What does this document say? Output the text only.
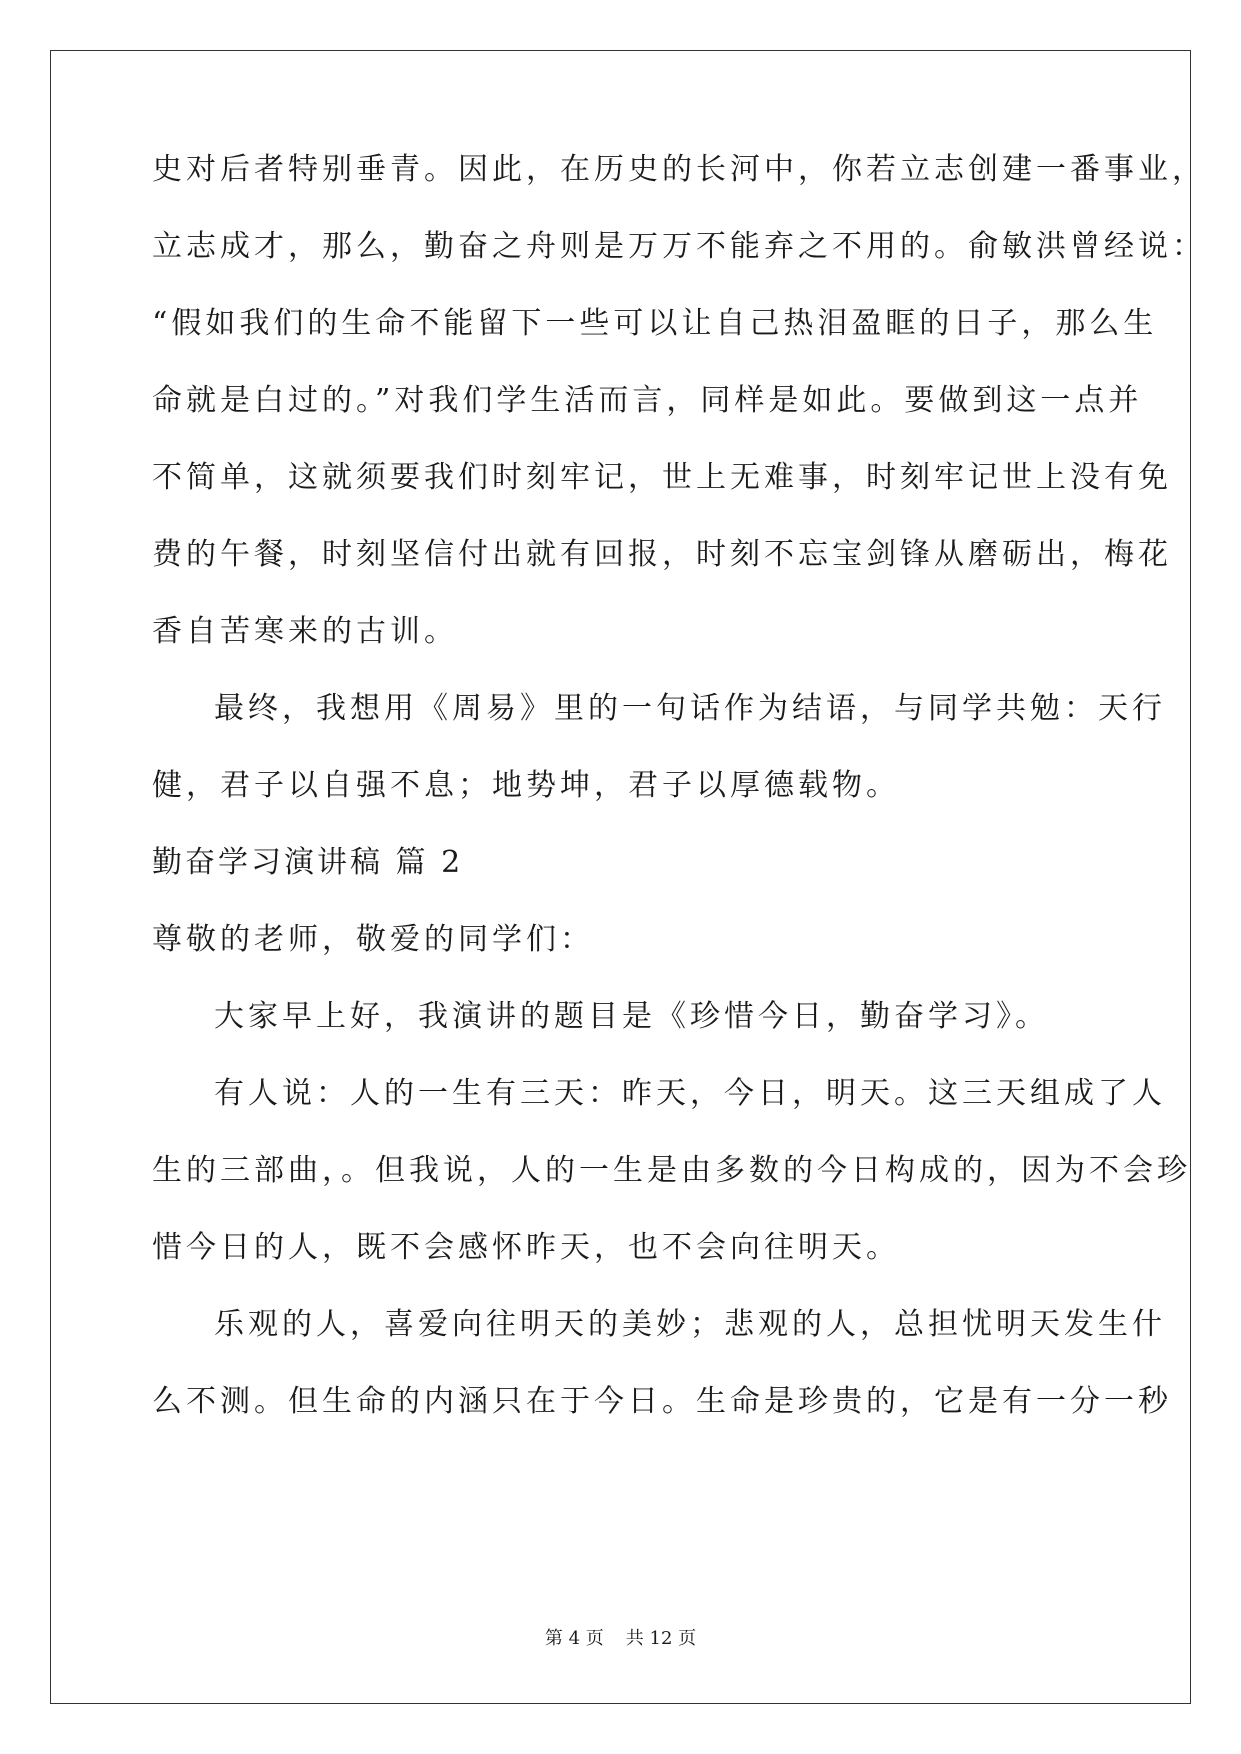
史对后者特别垂青。因此，在历史的长河中，你若立志创建一番事业，
立志成才，那么，勤奋之舟则是万万不能弃之不用的。俞敏洪曾经说：
“假如我们的生命不能留下一些可以让自己热泪盈眶的日子，那么生
命就是白过的。”对我们学生活而言，同样是如此。要做到这一点并
不简单，这就须要我们时刻牢记，世上无难事，时刻牢记世上没有免
费的午餐，时刻坚信付出就有回报，时刻不忘宝剑锋从磨砺出，梅花
香自苦寒来的古训。
最终，我想用《周易》里的一句话作为结语，与同学共勉：天行
健，君子以自强不息；地势坤，君子以厚德载物。
勤奋学习演讲稿 篇 2
尊敬的老师，敬爱的同学们：
大家早上好，我演讲的题目是《珍惜今日，勤奋学习》。
有人说：人的一生有三天：昨天，今日，明天。这三天组成了人
生的三部曲，。但我说，人的一生是由多数的今日构成的，因为不会珍
惜今日的人，既不会感怀昨天，也不会向往明天。
乐观的人，喜爱向往明天的美妙；悲观的人，总担忧明天发生什
么不测。但生命的内涵只在于今日。生命是珍贵的，它是有一分一秒
第 4 页 共 12 页
